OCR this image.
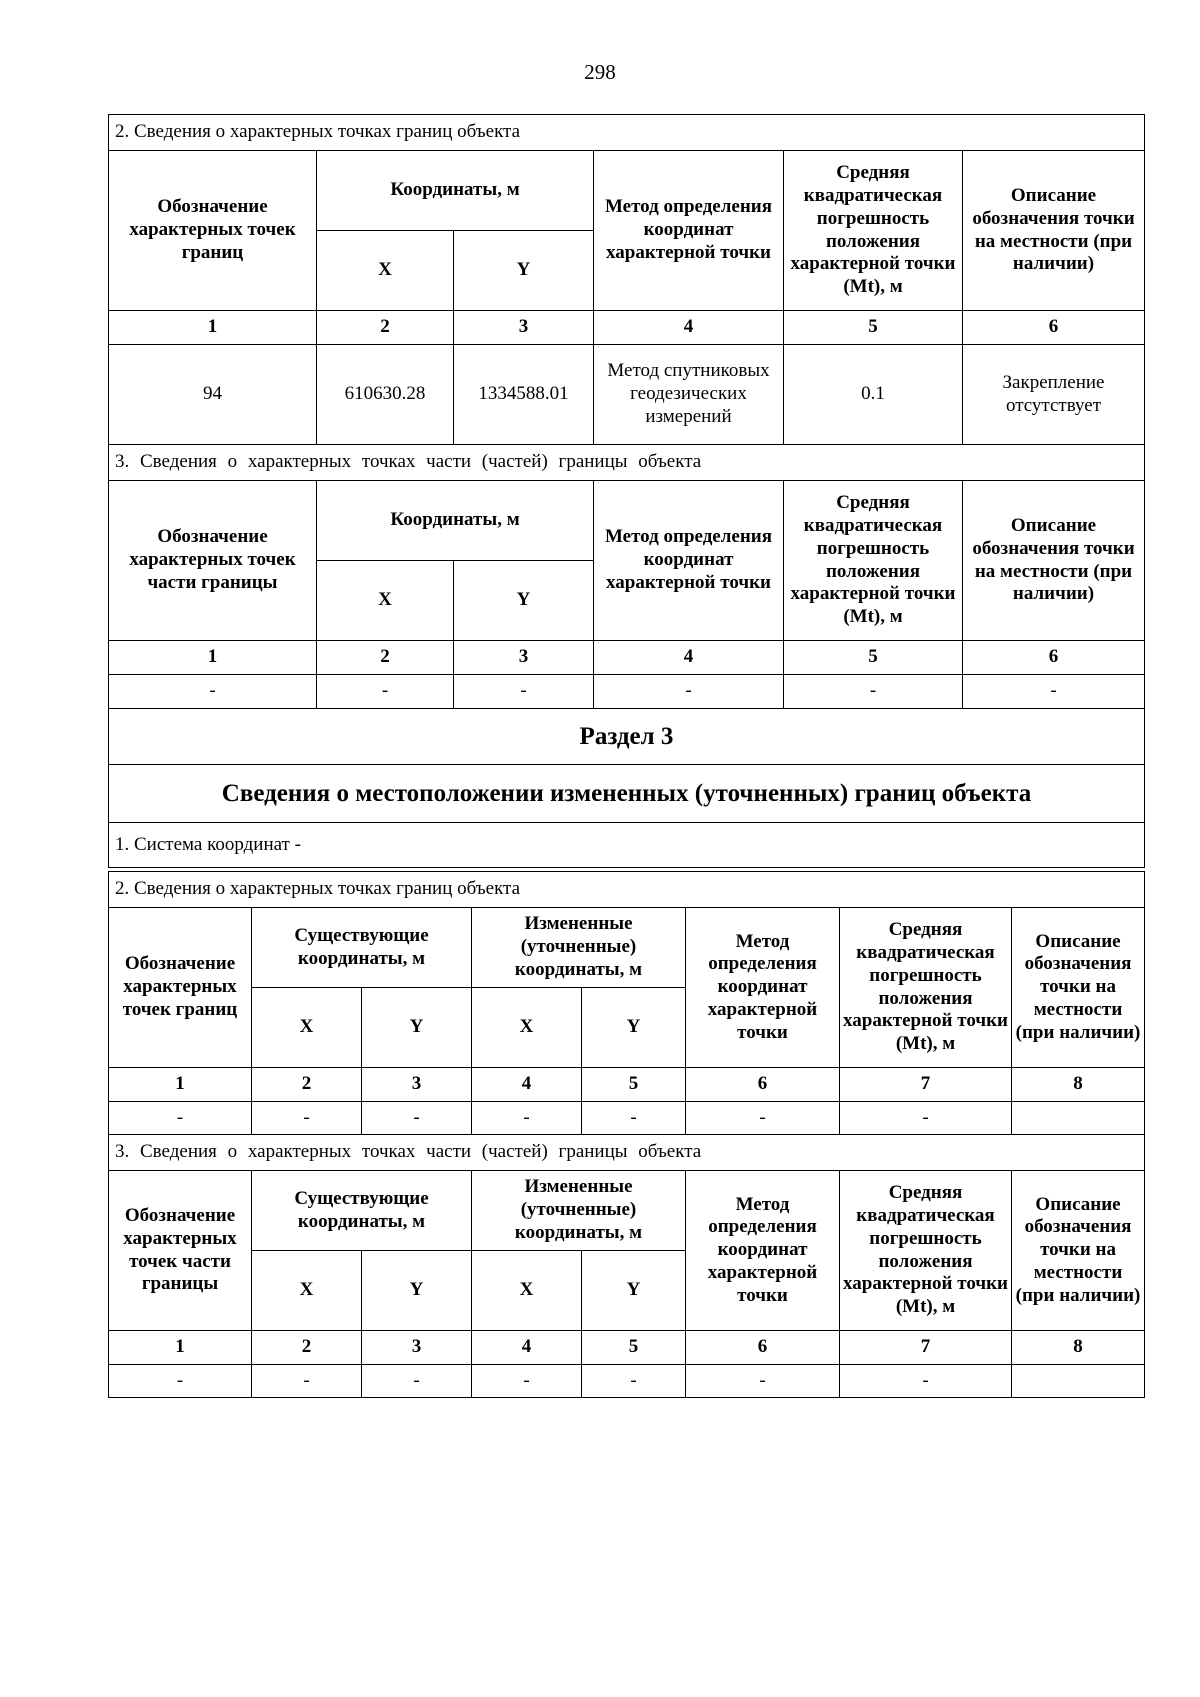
298
2. Сведения о характерных точках границ объекта					
Обозначение характерных точек границ	Координаты, м		Метод определения координат характерной точки	Средняя квадратическая погрешность положения характерной точки (Mt), м	Описание обозначения точки на местности (при наличии)
	X	Y			
1	2	3	4	5	6
94	610630.28	1334588.01	Метод спутниковых геодезических измерений	0.1	Закрепление отсутствует
3. Сведения о характерных точках части (частей) границы объекта					
Обозначение характерных точек части границы	Координаты, м		Метод определения координат характерной точки	Средняя квадратическая погрешность положения характерной точки (Mt), м	Описание обозначения точки на местности (при наличии)
	X	Y			
1	2	3	4	5	6
-	-	-	-	-	-
Раздел 3					
Сведения о местоположении измененных (уточненных) границ объекта					
1. Система координат -					
2. Сведения о характерных точках границ объекта							
Обозначение характерных точек границ	Существующие координаты, м		Измененные (уточненные) координаты, м		Метод определения координат характерной точки	Средняя квадратическая погрешность положения характерной точки (Mt), м	Описание обозначения точки на местности (при наличии)
	X	Y	X	Y			
1	2	3	4	5	6	7	8
-	-	-	-	-	-	-	
3. Сведения о характерных точках части (частей) границы объекта							
Обозначение характерных точек части границы	Существующие координаты, м		Измененные (уточненные) координаты, м		Метод определения координат характерной точки	Средняя квадратическая погрешность положения характерной точки (Mt), м	Описание обозначения точки на местности (при наличии)
	X	Y	X	Y			
1	2	3	4	5	6	7	8
-	-	-	-	-	-	-	
